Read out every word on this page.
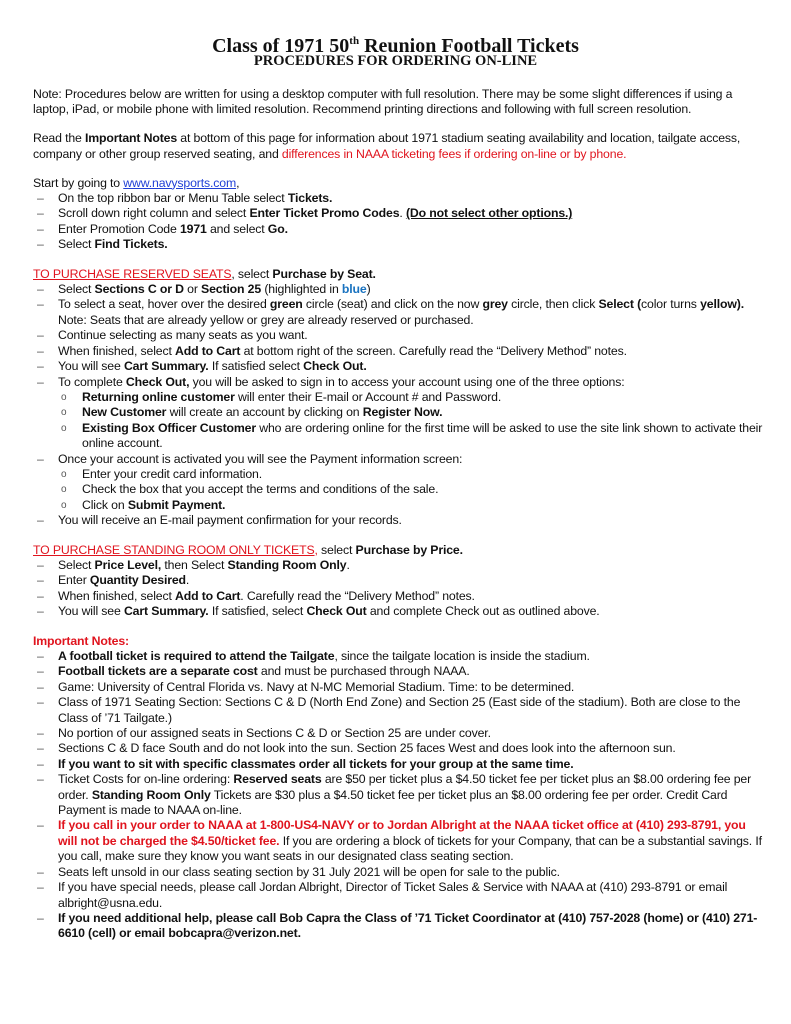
Class of 1971 50th Reunion Football Tickets
PROCEDURES FOR ORDERING ON-LINE
Note: Procedures below are written for using a desktop computer with full resolution. There may be some slight differences if using a laptop, iPad, or mobile phone with limited resolution. Recommend printing directions and following with full screen resolution.
Read the Important Notes at bottom of this page for information about 1971 stadium seating availability and location, tailgate access, company or other group reserved seating, and differences in NAAA ticketing fees if ordering on-line or by phone.
Start by going to www.navysports.com,
– On the top ribbon bar or Menu Table select Tickets.
– Scroll down right column and select Enter Ticket Promo Codes. (Do not select other options.)
– Enter Promotion Code 1971 and select Go.
– Select Find Tickets.
TO PURCHASE RESERVED SEATS, select Purchase by Seat.
– Select Sections C or D or Section 25 (highlighted in blue)
– To select a seat, hover over the desired green circle (seat) and click on the now grey circle, then click Select (color turns yellow). Note: Seats that are already yellow or grey are already reserved or purchased.
– Continue selecting as many seats as you want.
– When finished, select Add to Cart at bottom right of the screen. Carefully read the “Delivery Method” notes.
– You will see Cart Summary. If satisfied select Check Out.
– To complete Check Out, you will be asked to sign in to access your account using one of the three options:
o Returning online customer will enter their E-mail or Account # and Password.
o New Customer will create an account by clicking on Register Now.
o Existing Box Officer Customer who are ordering online for the first time will be asked to use the site link shown to activate their online account.
– Once your account is activated you will see the Payment information screen:
o Enter your credit card information.
o Check the box that you accept the terms and conditions of the sale.
o Click on Submit Payment.
– You will receive an E-mail payment confirmation for your records.
TO PURCHASE STANDING ROOM ONLY TICKETS, select Purchase by Price.
– Select Price Level, then Select Standing Room Only.
– Enter Quantity Desired.
– When finished, select Add to Cart. Carefully read the “Delivery Method” notes.
– You will see Cart Summary. If satisfied, select Check Out and complete Check out as outlined above.
Important Notes:
– A football ticket is required to attend the Tailgate, since the tailgate location is inside the stadium.
– Football tickets are a separate cost and must be purchased through NAAA.
– Game: University of Central Florida vs. Navy at N-MC Memorial Stadium. Time: to be determined.
– Class of 1971 Seating Section: Sections C & D (North End Zone) and Section 25 (East side of the stadium). Both are close to the Class of ’71 Tailgate.)
– No portion of our assigned seats in Sections C & D or Section 25 are under cover.
– Sections C & D face South and do not look into the sun. Section 25 faces West and does look into the afternoon sun.
– If you want to sit with specific classmates order all tickets for your group at the same time.
– Ticket Costs for on-line ordering: Reserved seats are $50 per ticket plus a $4.50 ticket fee per ticket plus an $8.00 ordering fee per order. Standing Room Only Tickets are $30 plus a $4.50 ticket fee per ticket plus an $8.00 ordering fee per order. Credit Card Payment is made to NAAA on-line.
– If you call in your order to NAAA at 1-800-US4-NAVY or to Jordan Albright at the NAAA ticket office at (410) 293-8791, you will not be charged the $4.50/ticket fee. If you are ordering a block of tickets for your Company, that can be a substantial savings. If you call, make sure they know you want seats in our designated class seating section.
– Seats left unsold in our class seating section by 31 July 2021 will be open for sale to the public.
– If you have special needs, please call Jordan Albright, Director of Ticket Sales & Service with NAAA at (410) 293-8791 or email albright@usna.edu.
– If you need additional help, please call Bob Capra the Class of ’71 Ticket Coordinator at (410) 757-2028 (home) or (410) 271-6610 (cell) or email bobcapra@verizon.net.
